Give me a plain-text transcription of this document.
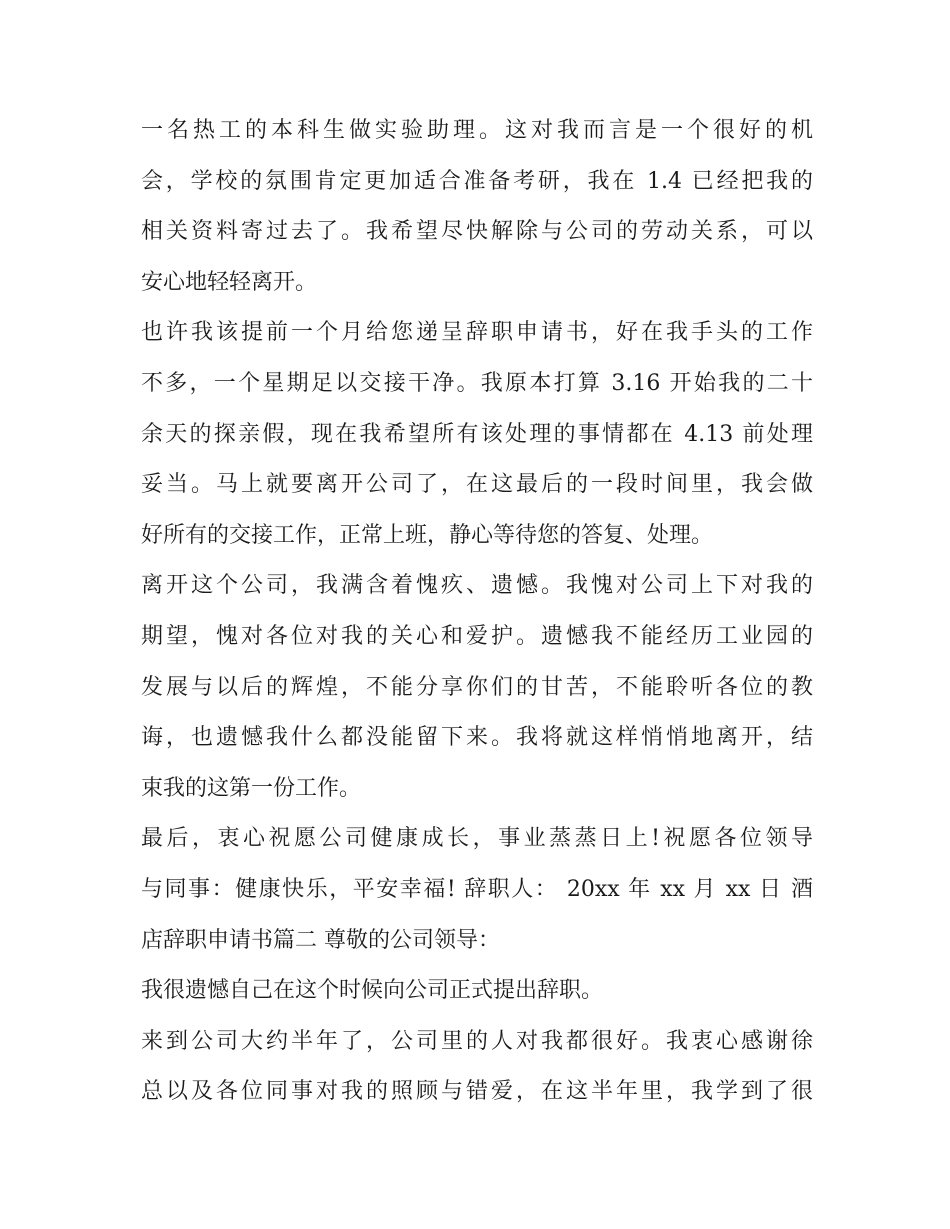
一名热工的本科生做实验助理。这对我而言是一个很好的机
会，学校的氛围肯定更加适合准备考研，我在 1.4 已经把我的
相关资料寄过去了。我希望尽快解除与公司的劳动关系，可以
安心地轻轻离开。
也许我该提前一个月给您递呈辞职申请书，好在我手头的工作
不多，一个星期足以交接干净。我原本打算 3.16 开始我的二十
余天的探亲假，现在我希望所有该处理的事情都在 4.13 前处理
妥当。马上就要离开公司了，在这最后的一段时间里，我会做
好所有的交接工作，正常上班，静心等待您的答复、处理。
离开这个公司，我满含着愧疚、遗憾。我愧对公司上下对我的
期望，愧对各位对我的关心和爱护。遗憾我不能经历工业园的
发展与以后的辉煌，不能分享你们的甘苦，不能聆听各位的教
诲，也遗憾我什么都没能留下来。我将就这样悄悄地离开，结
束我的这第一份工作。
最后，衷心祝愿公司健康成长，事业蒸蒸日上!祝愿各位领导
与同事：健康快乐，平安幸福! 辞职人： 20xx 年 xx 月 xx 日 酒
店辞职申请书篇二 尊敬的公司领导：
我很遗憾自己在这个时候向公司正式提出辞职。
来到公司大约半年了，公司里的人对我都很好。我衷心感谢徐
总以及各位同事对我的照顾与错爱，在这半年里，我学到了很
